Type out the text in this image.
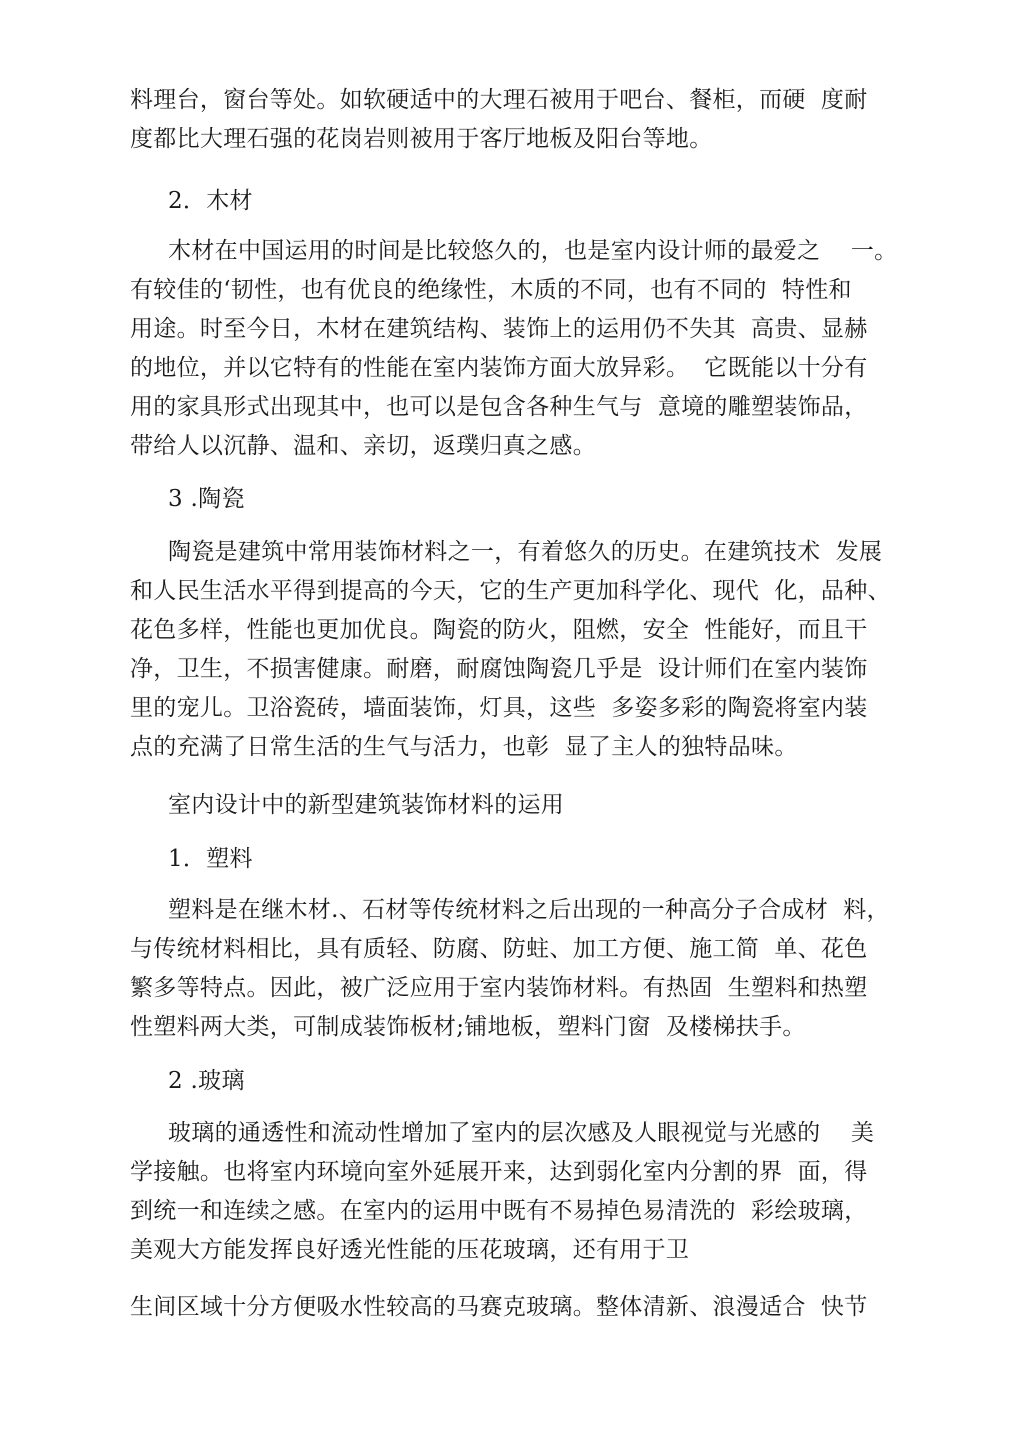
料理台，窗台等处。如软硬适中的大理石被用于吧台、餐柜，而硬  度耐
度都比大理石强的花岗岩则被用于客厅地板及阳台等地。
2．木材
木材在中国运用的时间是比较悠久的，也是室内设计师的最爱之    一。
有较佳的‘韧性，也有优良的绝缘性，木质的不同，也有不同的  特性和
用途。时至今日，木材在建筑结构、装饰上的运用仍不失其  高贵、显赫
的地位，并以它特有的性能在室内装饰方面大放异彩。  它既能以十分有
用的家具形式出现其中，也可以是包含各种生气与  意境的雕塑装饰品，
带给人以沉静、温和、亲切，返璞归真之感。
3 .陶瓷
陶瓷是建筑中常用装饰材料之一，有着悠久的历史。在建筑技术  发展
和人民生活水平得到提高的今天，它的生产更加科学化、现代  化，品种、
花色多样，性能也更加优良。陶瓷的防火，阻燃，安全  性能好，而且干
净，卫生，不损害健康。耐磨，耐腐蚀陶瓷几乎是  设计师们在室内装饰
里的宠儿。卫浴瓷砖，墙面装饰，灯具，这些  多姿多彩的陶瓷将室内装
点的充满了日常生活的生气与活力，也彰  显了主人的独特品味。
室内设计中的新型建筑装饰材料的运用
1．塑料
塑料是在继木材.、石材等传统材料之后出现的一种高分子合成材  料，
与传统材料相比，具有质轻、防腐、防蛀、加工方便、施工简  单、花色
繁多等特点。因此，被广泛应用于室内装饰材料。有热固  生塑料和热塑
性塑料两大类，可制成装饰板材;铺地板，塑料门窗  及楼梯扶手。
2 .玻璃
玻璃的通透性和流动性增加了室内的层次感及人眼视觉与光感的    美
学接触。也将室内环境向室外延展开来，达到弱化室内分割的界  面，得
到统一和连续之感。在室内的运用中既有不易掉色易清洗的  彩绘玻璃，
美观大方能发挥良好透光性能的压花玻璃，还有用于卫
生间区域十分方便吸水性较高的马赛克玻璃。整体清新、浪漫适合  快节
